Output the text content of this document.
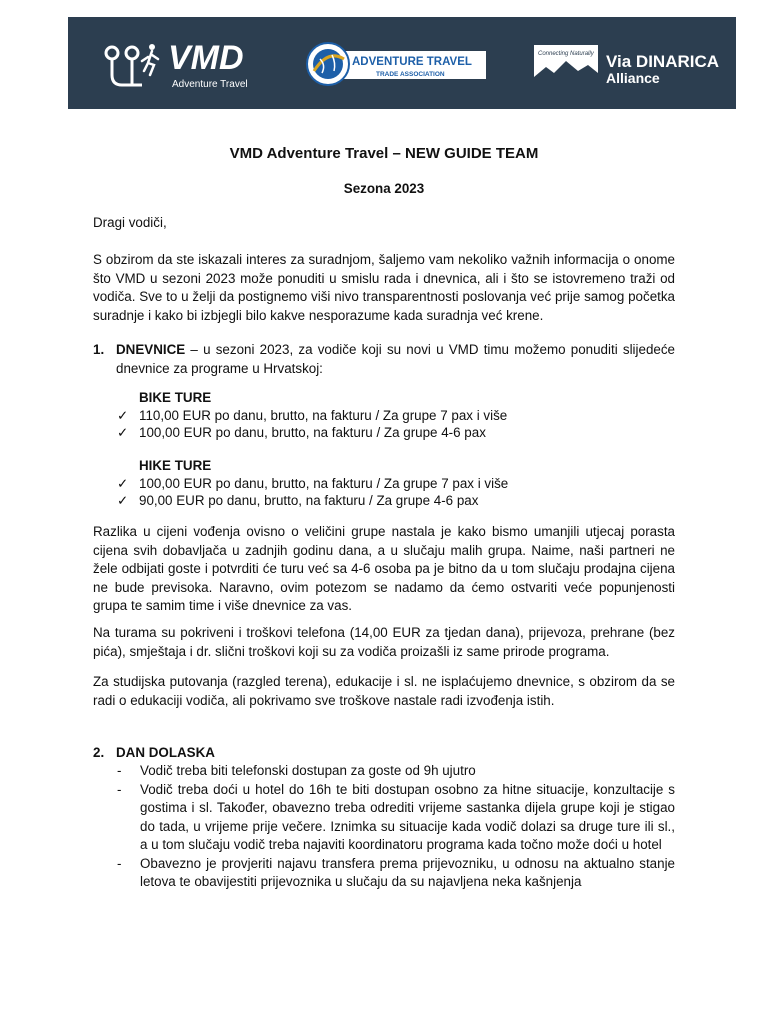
VMD
Adventure Travel
ADVENTURE TRAVEL
TRADE ASSOCIATION
Connecting Naturally Via DINARICA
Alliance
VMD Adventure Travel – NEW GUIDE TEAM
Sezona 2023
Dragi vodiči,
S obzirom da ste iskazali interes za suradnjom, šaljemo vam nekoliko važnih informacija o onome što VMD u sezoni 2023 može ponuditi u smislu rada i dnevnica, ali i što se istovremeno traži od vodiča. Sve to u želji da postignemo viši nivo transparentnosti poslovanja već prije samog početka suradnje i kako bi izbjegli bilo kakve nesporazume kada suradnja već krene.
1. DNEVNICE – u sezoni 2023, za vodiče koji su novi u VMD timu možemo ponuditi slijedeće dnevnice za programe u Hrvatskoj:
BIKE TURE
✓ 110,00 EUR po danu, brutto, na fakturu / Za grupe 7 pax i više
✓ 100,00 EUR po danu, brutto, na fakturu / Za grupe 4-6 pax
HIKE TURE
✓ 100,00 EUR po danu, brutto, na fakturu / Za grupe 7 pax i više
✓ 90,00 EUR po danu, brutto, na fakturu / Za grupe 4-6 pax
Razlika u cijeni vođenja ovisno o veličini grupe nastala je kako bismo umanjili utjecaj porasta cijena svih dobavljača u zadnjih godinu dana, a u slučaju malih grupa. Naime, naši partneri ne žele odbijati goste i potvrditi će turu već sa 4-6 osoba pa je bitno da u tom slučaju prodajna cijena ne bude previsoka. Naravno, ovim potezom se nadamo da ćemo ostvariti veće popunjenosti grupa te samim time i više dnevnice za vas.
Na turama su pokriveni i troškovi telefona (14,00 EUR za tjedan dana), prijevoza, prehrane (bez pića), smještaja i dr. slični troškovi koji su za vodiča proizašli iz same prirode programa.
Za studijska putovanja (razgled terena), edukacije i sl. ne isplaćujemo dnevnice, s obzirom da se radi o edukaciji vodiča, ali pokrivamo sve troškove nastale radi izvođenja istih.
2. DAN DOLASKA
- Vodič treba biti telefonski dostupan za goste od 9h ujutro
- Vodič treba doći u hotel do 16h te biti dostupan osobno za hitne situacije, konzultacije s gostima i sl. Također, obavezno treba odrediti vrijeme sastanka dijela grupe koji je stigao do tada, u vrijeme prije večere. Iznimka su situacije kada vodič dolazi sa druge ture ili sl., a u tom slučaju vodič treba najaviti koordinatoru programa kada točno može doći u hotel
- Obavezno je provjeriti najavu transfera prema prijevozniku, u odnosu na aktualno stanje letova te obavijestiti prijevoznika u slučaju da su najavljena neka kašnjenja
